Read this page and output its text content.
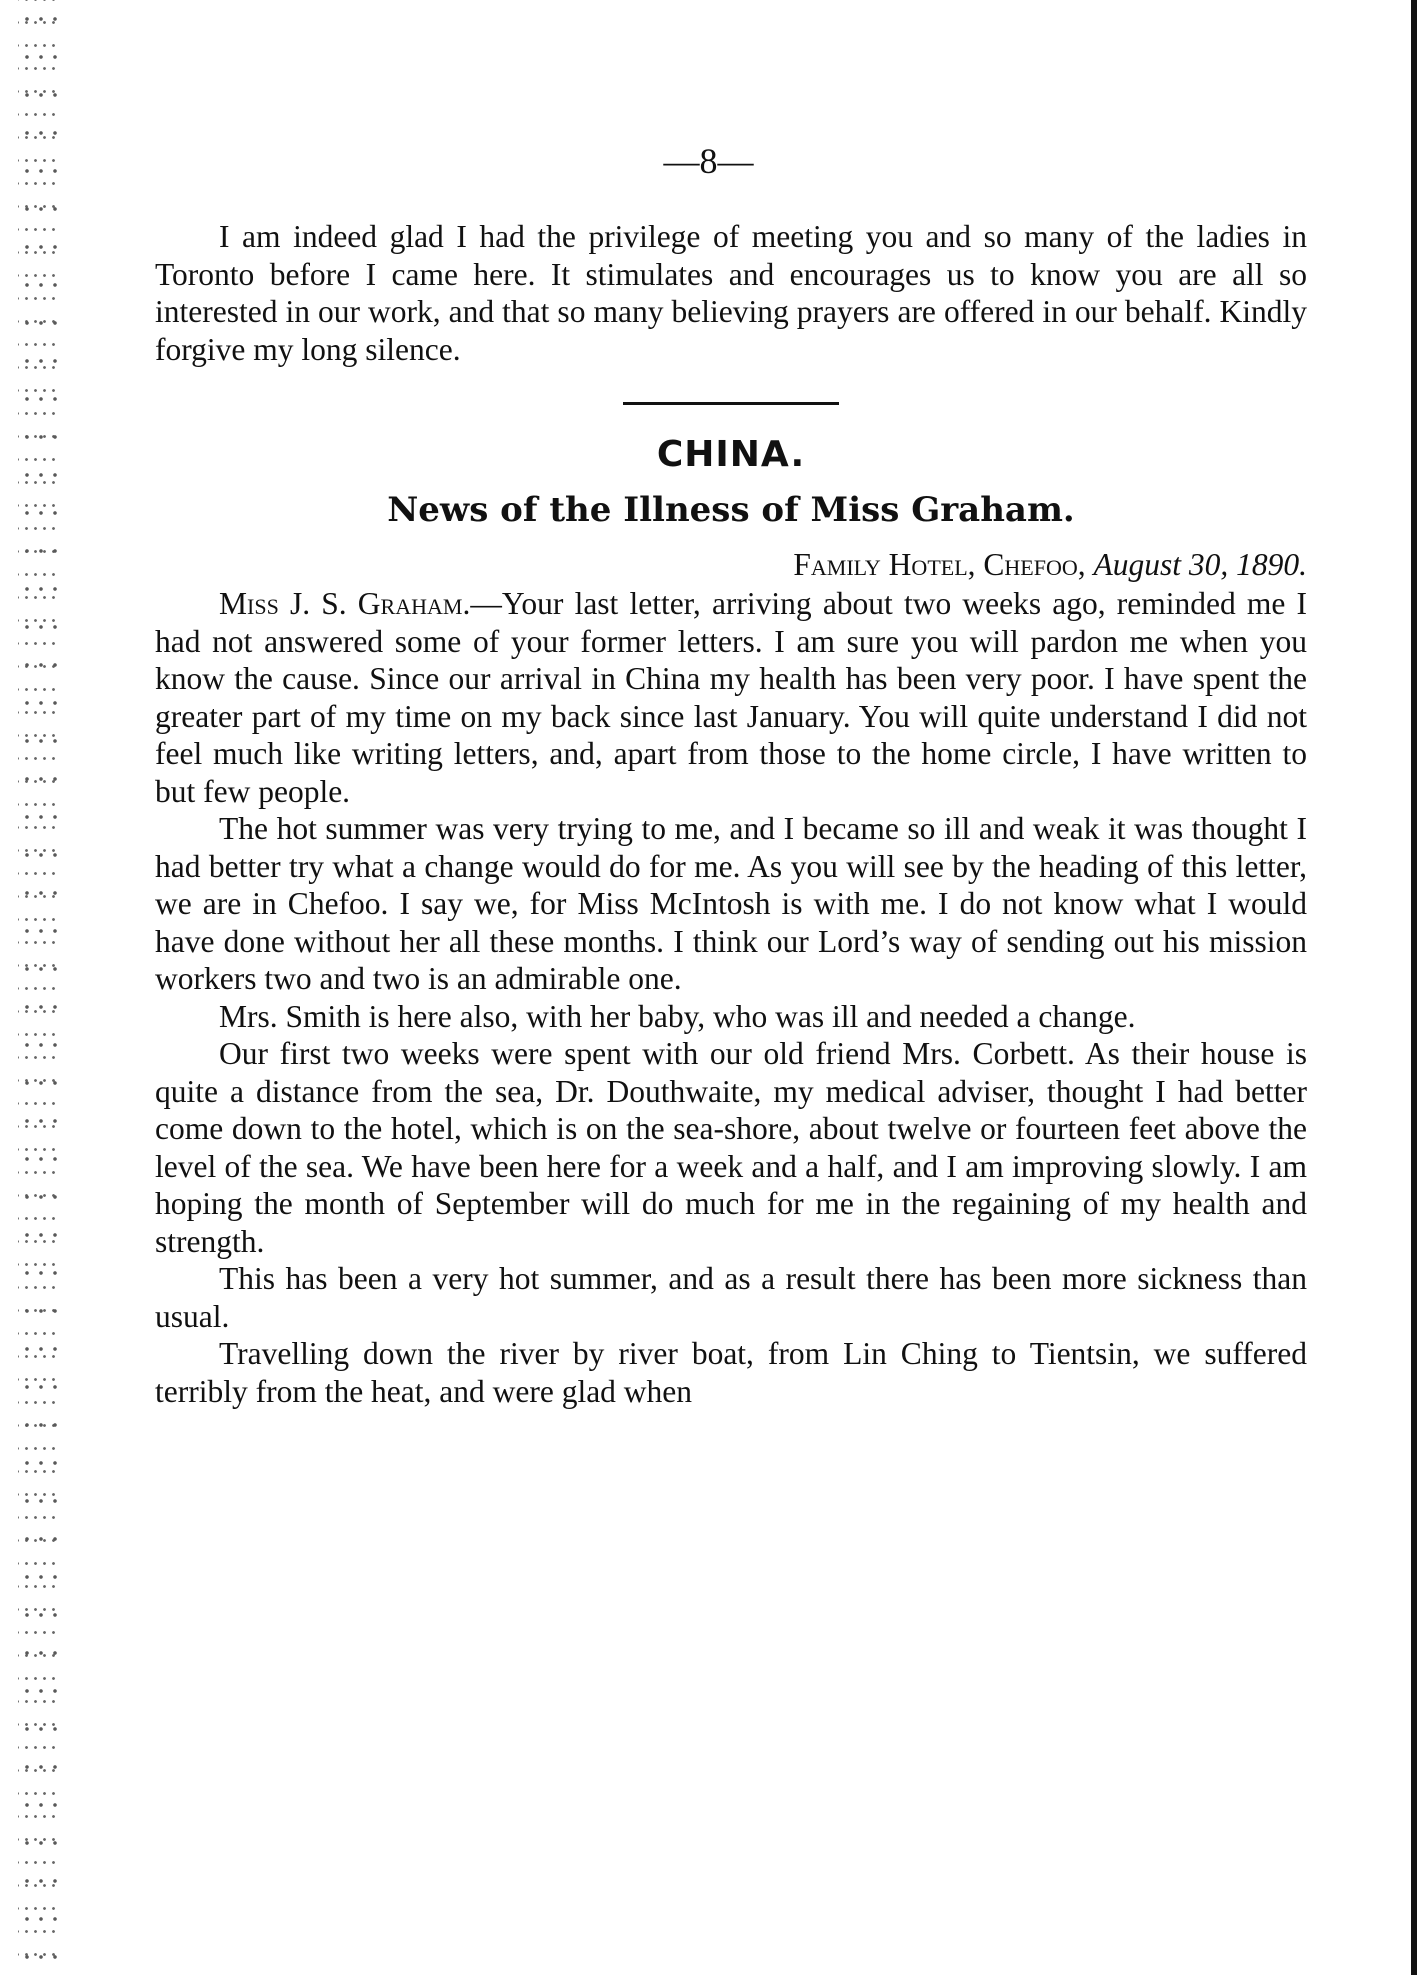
—8—

I am indeed glad I had the privilege of meeting you and so many of the ladies in Toronto before I came here. It stimulates and encourages us to know you are all so interested in our work, and that so many believing prayers are offered in our behalf. Kindly forgive my long silence.

CHINA.
News of the Illness of Miss Graham.
Family Hotel, Chefoo, August 30, 1890.

Miss J. S. Graham.—Your last letter, arriving about two weeks ago, reminded me I had not answered some of your former letters. I am sure you will pardon me when you know the cause. Since our arrival in China my health has been very poor. I have spent the greater part of my time on my back since last January. You will quite understand I did not feel much like writing letters, and, apart from those to the home circle, I have written to but few people.

The hot summer was very trying to me, and I became so ill and weak it was thought I had better try what a change would do for me. As you will see by the heading of this letter, we are in Chefoo. I say we, for Miss McIntosh is with me. I do not know what I would have done without her all these months. I think our Lord’s way of sending out his mission workers two and two is an admirable one.

Mrs. Smith is here also, with her baby, who was ill and needed a change.

Our first two weeks were spent with our old friend Mrs. Corbett. As their house is quite a distance from the sea, Dr. Douthwaite, my medical adviser, thought I had better come down to the hotel, which is on the sea-shore, about twelve or fourteen feet above the level of the sea. We have been here for a week and a half, and I am improving slowly. I am hoping the month of September will do much for me in the regaining of my health and strength.

This has been a very hot summer, and as a result there has been more sickness than usual.

Travelling down the river by river boat, from Lin Ching to Tientsin, we suffered terribly from the heat, and were glad when
